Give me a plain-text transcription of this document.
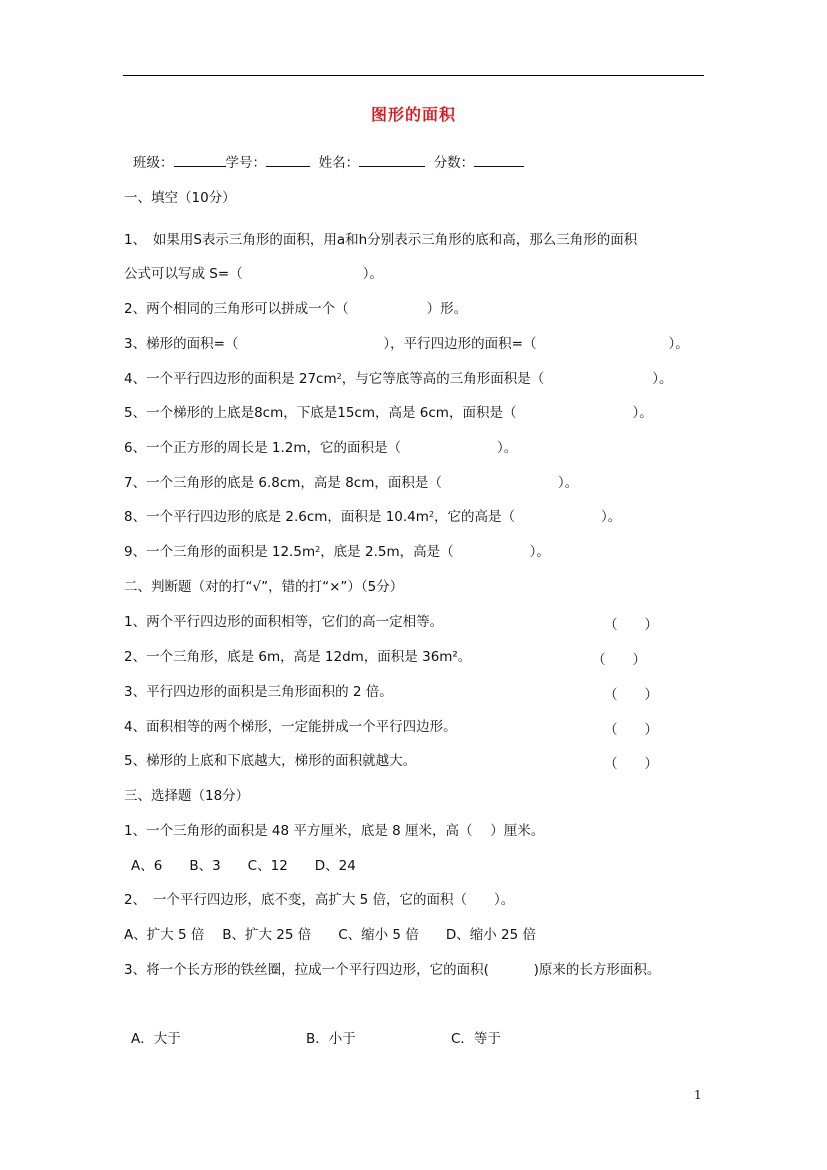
图形的面积
班级：	学号：	姓名：	分数：
一、填空（10分）
1、　如果用S表示三角形的面积，用a和h分别表示三角形的底和高，那么三角形的面积
公式可以写成 S=（	）。
2、两个相同的三角形可以拼成一个（	）形。
3、梯形的面积=（	），平行四边形的面积=（	）。
4、一个平行四边形的面积是 $27cm^2$，与它等底等高的三角形面积是（	）。
5、一个梯形的上底是8cm，下底是15cm，高是 6cm，面积是（	）。
6、一个正方形的周长是 1.2m，它的面积是（	）。
7、一个三角形的底是 6.8cm，高是 8cm，面积是（	）。
8、一个平行四边形的底是 2.6cm，面积是 $10.4m^2$，它的高是（	）。
9、一个三角形的面积是 $12.5m^2$，底是 2.5m，高是（	）。
二、判断题（对的打“√”，错的打“×”）（5分）
1、两个平行四边形的面积相等，它们的高一定相等。	（　　）
2、一个三角形，底是 6m，高是 12dm，面积是 36m²。	（　　）
3、平行四边形的面积是三角形面积的 2 倍。	（　　）
4、面积相等的两个梯形，一定能拼成一个平行四边形。	（　　）
5、梯形的上底和下底越大，梯形的面积就越大。	（　　）
三、选择题（18分）
1、一个三角形的面积是 48 平方厘米，底是 8 厘米，高（　 ）厘米。
A、6　　B、3　　C、12　　D、24
2、　一个平行四边形，底不变，高扩大 5 倍，它的面积（　　）。
A、扩大 5 倍　 B、扩大 25 倍　　C、缩小 5 倍　　D、缩小 25 倍
3、将一个长方形的铁丝圈，拉成一个平行四边形，它的面积(　　　 )原来的长方形面积。
A．大于	B．小于	C．等于
1
